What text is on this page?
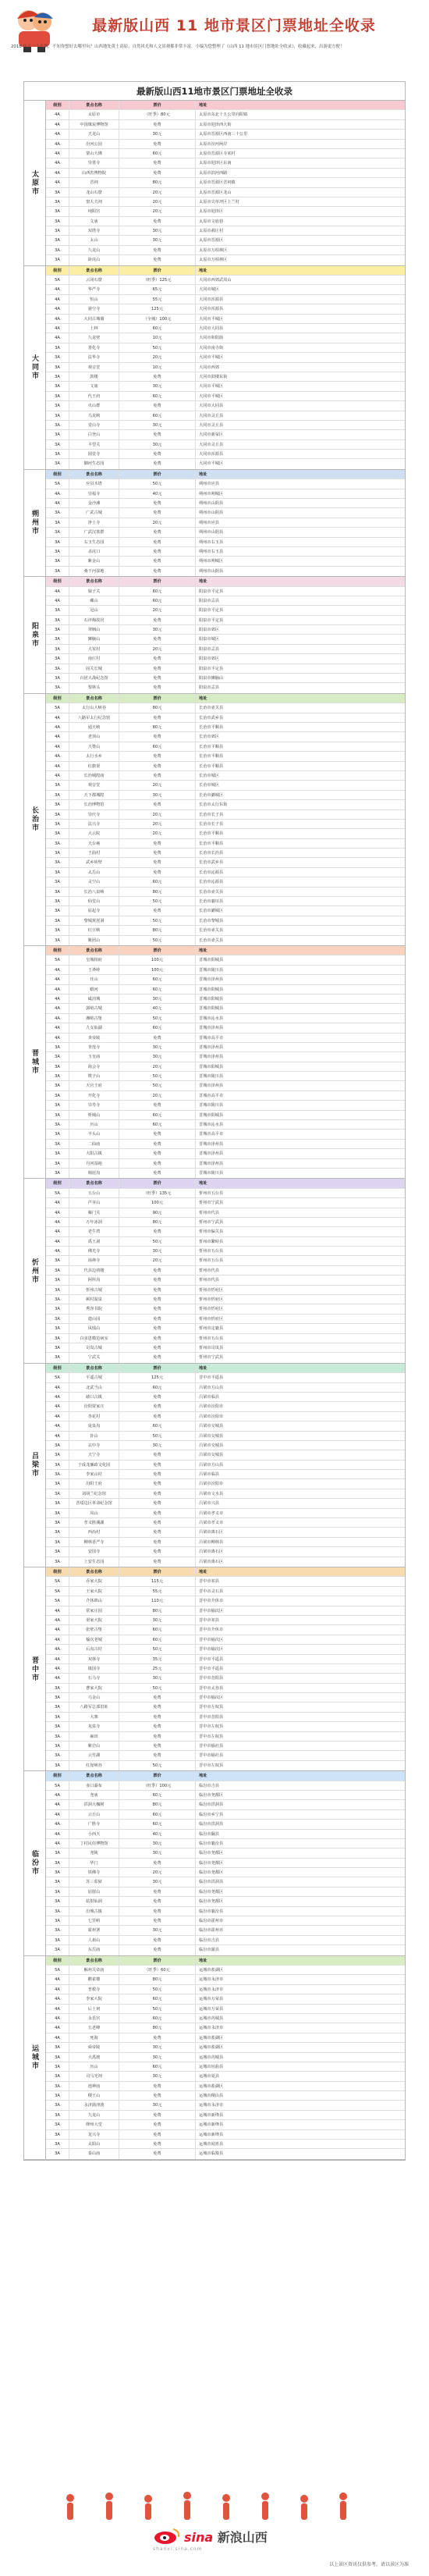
最新版山西 11 地市景区门票地址全收录
2018 年五一小长假、不知你想好去哪里玩？山西地处黄土高原，自然风光和人文景观都非常丰富。小编为您整理了《山西 11 地市景区门票地址全收录》，收藏起来，出游更方便！
最新版山西11地市景区门票地址全收录
太原市
级别	景点名称	票价	地址
4A	太原市	（旺季）80元	太原市东北十五公里向阳镇
4A	中国煤炭博物馆	免费	太原市迎泽西大街
4A	天龙山	30元	太原市晋源区西南三十公里
4A	汾河公园	免费	太原市汾河两岸
4A	蒙山大佛	60元	太原市晋源区寺底村
4A	崇善寺	免费	太原市迎泽区东南
4A	山西省博物院	免费	太原市滨河西路
4A	晋祠	80元	太原市晋源区晋祠镇
3A	龙山石窟	20元	太原市晋源区龙山
3A	窦大夫祠	20元	太原市尖草坪区上兰村
3A	纯阳宫	20元	太原市迎泽区
3A	文庙	免费	太原市文庙巷
3A	双塔寺	30元	太原市郝庄村
3A	太山	30元	太原市晋源区
3A	九龙山	免费	太原市万柏林区
3A	卧虎山	免费	太原市万柏林区
大同市
级别	景点名称	票价	地址
5A	云冈石窟	（旺季）125元	大同市西郊武周山
4A	华严寺	65元	大同市城区
4A	恒山	55元	大同市浑源县
4A	悬空寺	125元	大同市浑源县
4A	大同古城墙	（全城）100元	大同市平城区
4A	土林	60元	大同市大同县
4A	九龙壁	10元	大同市和阳街
3A	善化寺	50元	大同市南寺街
3A	法华寺	20元	大同市平城区
3A	观音堂	10元	大同市西郊
3A	鼓楼	免费	大同市鼓楼东街
3A	文庙	30元	大同市平城区
3A	代王府	60元	大同市平城区
3A	火山群	免费	大同市大同县
3A	乌龙峡	60元	大同市灵丘县
3A	觉山寺	30元	大同市灵丘县
3A	白登山	免费	大同市新荣区
3A	平型关	30元	大同市灵丘县
3A	圆觉寺	免费	大同市浑源县
3A	御河生态园	免费	大同市平城区
朔州市
级别	景点名称	票价	地址
5A	应县木塔	50元	朔州市应县
4A	崇福寺	40元	朔州市朔城区
4A	金沙滩	免费	朔州市山阴县
3A	广武古城	免费	朔州市山阴县
3A	净土寺	20元	朔州市应县
3A	广武汉墓群	免费	朔州市山阴县
3A	右玉生态园	免费	朔州市右玉县
3A	杀虎口	免费	朔州市右玉县
3A	紫金山	免费	朔州市朔城区
3A	桑干河湿地	免费	朔州市山阴县
阳泉市
级别	景点名称	票价	地址
4A	娘子关	60元	阳泉市平定县
4A	藏山	60元	阳泉市盂县
3A	冠山	20元	阳泉市平定县
3A	石评梅故居	免费	阳泉市平定县
3A	翠枫山	30元	阳泉市郊区
3A	狮脑山	免费	阳泉市城区
3A	大汖村	20元	阳泉市盂县
3A	南庄村	免费	阳泉市郊区
3A	固关长城	免费	阳泉市平定县
3A	百团大战纪念馆	免费	阳泉市狮脑山
3A	梨林头	免费	阳泉市盂县
长治市
级别	景点名称	票价	地址
5A	太行山大峡谷	80元	长治市壶关县
4A	八路军太行纪念馆	免费	长治市武乡县
4A	通天峡	80元	长治市平顺县
4A	老顶山	免费	长治市郊区
4A	天脊山	60元	长治市平顺县
4A	太行水乡	免费	长治市平顺县
4A	红旗渠	免费	长治市平顺县
4A	长治城隍庙	免费	长治市城区
3A	观音堂	20元	长治市城区
3A	天下都城隍	30元	长治市潞城区
3A	长治博物馆	免费	长治市太行东街
3A	崇庆寺	20元	长治市长子县
3A	法兴寺	20元	长治市长子县
3A	大云院	20元	长治市平顺县
3A	天台庵	免费	长治市平顺县
3A	王曲村	免费	长治市长治县
3A	武乡砖壁	免费	长治市武乡县
3A	太岳山	免费	长治市沁源县
3A	灵空山	60元	长治市沁源县
3A	长治八泉峡	80元	长治市壶关县
3A	仙堂山	50元	长治市襄垣县
3A	原起寺	免费	长治市潞城区
3A	黎城黄崖洞	50元	长治市黎城县
3A	红豆峡	80元	长治市壶关县
3A	紫团山	50元	长治市壶关县
晋城市
级别	景点名称	票价	地址
5A	皇城相府	100元	晋城市阳城县
4A	王莽岭	100元	晋城市陵川县
4A	珏山	60元	晋城市泽州县
4A	蟒河	60元	晋城市阳城县
4A	砥洎城	30元	晋城市阳城县
4A	郭峪古城	40元	晋城市阳城县
4A	湘峪古堡	50元	晋城市沁水县
4A	九女仙湖	60元	晋城市泽州县
4A	炎帝陵	免费	晋城市高平市
3A	青莲寺	30元	晋城市泽州县
3A	玉皇庙	30元	晋城市泽州县
3A	海会寺	20元	晋城市阳城县
3A	棋子山	50元	晋城市陵川县
3A	天官王府	50元	晋城市泽州县
3A	开化寺	20元	晋城市高平市
3A	崇寿寺	免费	晋城市陵川县
3A	析城山	60元	晋城市阳城县
3A	历山	60元	晋城市沁水县
3A	羊头山	免费	晋城市高平市
3A	二仙庙	免费	晋城市泽州县
3A	大阳古镇	免费	晋城市泽州县
3A	丹河湿地	免费	晋城市泽州县
3A	锡崖沟	免费	晋城市陵川县
忻州市
级别	景点名称	票价	地址
5A	五台山	（旺季）135元	忻州市五台县
4A	芦芽山	100元	忻州市宁武县
4A	雁门关	90元	忻州市代县
4A	万年冰洞	80元	忻州市宁武县
4A	老牛湾	免费	忻州市偏关县
4A	禹王洞	50元	忻州市繁峙县
4A	佛光寺	30元	忻州市五台县
3A	南禅寺	20元	忻州市五台县
3A	代县边靖楼	免费	忻州市代县
3A	阿所沟	免费	忻州市代县
3A	忻州古城	免费	忻州市忻府区
3A	顿村温泉	免费	忻州市忻府区
3A	秀容书院	免费	忻州市忻府区
3A	遗山园	免费	忻州市忻府区
3A	凤凰山	免费	忻州市定襄县
3A	白求恩模范病室	免费	忻州市五台县
3A	岢岚古城	免费	忻州市岢岚县
3A	宁武关	免费	忻州市宁武县
吕梁市
级别	景点名称	票价	地址
5A	平遥古城	125元	晋中市平遥县
4A	北武当山	60元	吕梁市方山县
4A	碛口古镇	免费	吕梁市临县
4A	汾阳贾家庄	免费	吕梁市汾阳市
4A	杏花村	免费	吕梁市汾阳市
4A	庞泉沟	60元	吕梁市交城县
4A	卦山	50元	吕梁市交城县
3A	玄中寺	30元	吕梁市交城县
3A	天宁寺	免费	吕梁市交城县
3A	于成龙廉政文化园	免费	吕梁市方山县
3A	李家山村	免费	吕梁市临县
3A	汾阳王府	免费	吕梁市汾阳市
3A	刘胡兰纪念馆	免费	吕梁市文水县
3A	晋绥边区革命纪念馆	免费	吕梁市兴县
3A	凤山	免费	吕梁市孝义市
3A	孝义胜溪湖	免费	吕梁市孝义市
3A	西冶村	免费	吕梁市离石区
3A	柳林香严寺	免费	吕梁市柳林县
3A	安国寺	免费	吕梁市离石区
3A	上安生态园	免费	吕梁市离石区
晋中市
级别	景点名称	票价	地址
5A	乔家大院	115元	晋中市祁县
5A	王家大院	55元	晋中市灵石县
5A	介休绵山	110元	晋中市介休市
4A	常家庄园	80元	晋中市榆次区
4A	渠家大院	30元	晋中市祁县
4A	张壁古堡	60元	晋中市介休市
4A	榆次老城	60元	晋中市榆次区
4A	后沟古村	50元	晋中市榆次区
4A	双林寺	35元	晋中市平遥县
4A	镇国寺	25元	晋中市平遥县
4A	石马寺	30元	晋中市昔阳县
3A	曹家大院	50元	晋中市太谷县
3A	乌金山	免费	晋中市榆次区
3A	八路军总部旧址	免费	晋中市左权县
3A	大寨	免费	晋中市昔阳县
3A	龙泉寺	免费	晋中市左权县
3A	麻田	免费	晋中市左权县
3A	紫岩山	免费	晋中市榆社县
3A	云竹湖	免费	晋中市榆社县
3A	红崖峡谷	50元	晋中市左权县
临汾市
级别	景点名称	票价	地址
5A	壶口瀑布	（旺季）100元	临汾市吉县
4A	尧庙	60元	临汾市尧都区
4A	洪洞大槐树	80元	临汾市洪洞县
4A	云丘山	60元	临汾市乡宁县
4A	广胜寺	60元	临汾市洪洞县
4A	小西天	40元	临汾市隰县
4A	丁村民俗博物馆	30元	临汾市襄汾县
3A	尧陵	30元	临汾市尧都区
3A	华门	免费	临汾市尧都区
3A	铁佛寺	20元	临汾市尧都区
3A	苏三监狱	30元	临汾市洪洞县
3A	姑射山	免费	临汾市尧都区
3A	姑射仙洞	免费	临汾市尧都区
3A	汾城古镇	免费	临汾市襄汾县
3A	七里峪	免费	临汾市霍州市
3A	霍州署	30元	临汾市霍州市
3A	人祖山	免费	临汾市吉县
3A	东岳庙	免费	临汾市蒲县
运城市
级别	景点名称	票价	地址
5A	解州关帝庙	（旺季）60元	运城市盐湖区
4A	鹳雀楼	80元	运城市永济市
4A	普救寺	50元	运城市永济市
4A	李家大院	60元	运城市万荣县
4A	后土祠	50元	运城市万荣县
4A	永乐宫	60元	运城市芮城县
4A	五老峰	80元	运城市永济市
4A	死海	免费	运城市盐湖区
3A	舜帝陵	30元	运城市盐湖区
3A	大禹渡	30元	运城市芮城县
3A	历山	60元	运城市垣曲县
3A	司马光祠	30元	运城市夏县
3A	池神庙	免费	运城市盐湖区
3A	稷王山	免费	运城市稷山县
3A	永济蒲津渡	30元	运城市永济市
3A	九龙山	免费	运城市新绛县
3A	绛州大堂	免费	运城市新绛县
3A	龙兴寺	免费	运城市新绛县
3A	太阳山	免费	运城市闻喜县
3A	泰山庙	免费	运城市临猗县
sina 新浪山西
shanxi.sina.com
以上景区资讯仅供参考，请以景区为准
